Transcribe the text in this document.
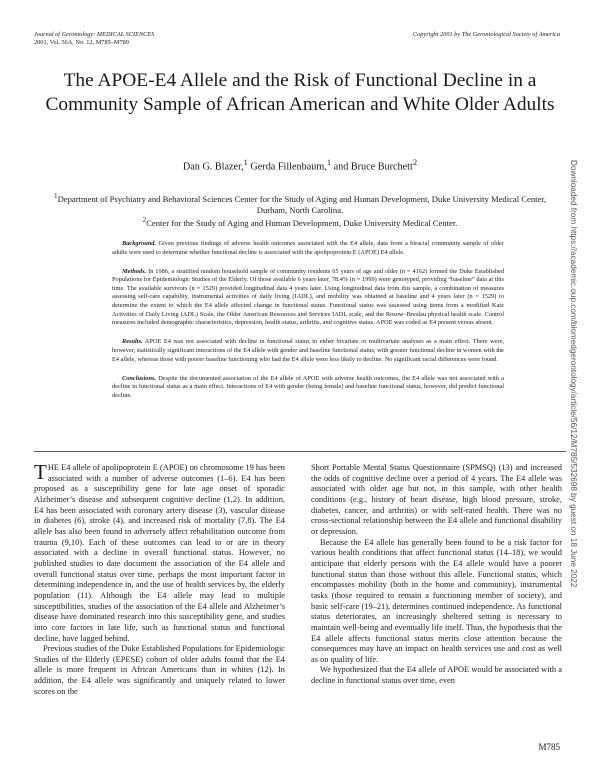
Journal of Gerontology: MEDICAL SCIENCES
2001, Vol. 56A, No. 12, M785–M789
Copyright 2001 by The Gerontological Society of America
The APOE-E4 Allele and the Risk of Functional Decline in a Community Sample of African American and White Older Adults
Dan G. Blazer,$^1$ Gerda Fillenbaum,$^1$ and Bruce Burchett$^2$

$^1$Department of Psychiatry and Behavioral Sciences Center for the Study of Aging and Human Development, Duke University Medical Center, Durham, North Carolina.

$^2$Center for the Study of Aging and Human Development, Duke University Medical Center.

Background. Given previous findings of adverse health outcomes associated with the E4 allele, data from a biracial community sample of older adults were used to determine whether functional decline is associated with the apolipoprotein E (APOE) E4 allele.

Methods. In 1986, a stratified random household sample of community residents 65 years of age and older (n = 4162) formed the Duke Established Populations for Epidemiologic Studies of the Elderly. Of those available 6 years later, 78.4% (n = 1999) were genotyped, providing “baseline” data at this time. The available survivors (n = 1529) provided longitudinal data 4 years later. Using longitudinal data from this sample, a combination of measures assessing self-care capability, instrumental activities of daily living (IADL), and mobility was obtained at baseline and 4 years later (n = 1529) to determine the extent to which the E4 allele affected change in functional status. Functional status was assessed using items from a modified Katz Activities of Daily Living (ADL) Scale, the Older American Resources and Services IADL scale, and the Rosow–Breslau physical health scale. Control measures included demographic characteristics, depression, health status, arthritis, and cognitive status. APOE was coded as E4 present versus absent.

Results. APOE E4 was not associated with decline in functional status in either bivariate or multivariate analyses as a main effect. There were, however, statistically significant interactions of the E4 allele with gender and baseline functional status, with greater functional decline in women with the E4 allele, whereas those with poorer baseline functioning who had the E4 allele were less likely to decline. No significant racial differences were found.

Conclusions. Despite the documented association of the E4 allele of APOE with adverse health outcomes, the E4 allele was not associated with a decline in functional status as a main effect. Interactions of E4 with gender (being female) and baseline functional status, however, did predict functional decline.

THE E4 allele of apolipoprotein E (APOE) on chromosome 19 has been associated with a number of adverse outcomes (1–6). E4 has been proposed as a susceptibility gene for late age onset of sporadic Alzheimer’s disease and subsequent cognitive decline (1,2). In addition, E4 has been associated with coronary artery disease (3), vascular disease in diabetes (6), stroke (4), and increased risk of mortality (7,8). The E4 allele has also been found to adversely affect rehabilitation outcome from trauma (9,10). Each of these outcomes can lead to or are in theory associated with a decline in overall functional status. However, no published studies to date document the association of the E4 allele and overall functional status over time, perhaps the most important factor in determining independence in, and the use of health services by, the elderly population (11). Although the E4 allele may lead to multiple susceptibilities, studies of the association of the E4 allele and Alzheimer’s disease have dominated research into this susceptibility gene, and studies into core factors in late life, such as functional status and functional decline, have lagged behind.

Previous studies of the Duke Established Populations for Epidemiologic Studies of the Elderly (EPESE) cohort of older adults found that the E4 allele is more frequent in African Americans than in whites (12). In addition, the E4 allele was significantly and uniquely related to lower scores on the

Short Portable Mental Status Questionnaire (SPMSQ) (13) and increased the odds of cognitive decline over a period of 4 years. The E4 allele was associated with older age but not, in this sample, with other health conditions (e.g., history of heart disease, high blood pressure, stroke, diabetes, cancer, and arthritis) or with self-rated health. There was no cross-sectional relationship between the E4 allele and functional disability or depression.

Because the E4 allele has generally been found to be a risk factor for various health conditions that affect functional status (14–18), we would anticipate that elderly persons with the E4 allele would have a poorer functional status than those without this allele. Functional status, which encompasses mobility (both in the home and community), instrumental tasks (those required to remain a functioning member of society), and basic self-care (19–21), determines continued independence. As functional status deteriorates, an increasingly sheltered setting is necessary to maintain well-being and eventually life itself. Thus, the hypothesis that the E4 allele affects functional status merits close attention because the consequences may have an impact on health services use and cost as well as on quality of life.

We hypothesized that the E4 allele of APOE would be associated with a decline in functional status over time, even

M785
Downloaded from https://academic.oup.com/biomedgerontology/article/56/12/M785/532698 by guest on 18 June 2022
